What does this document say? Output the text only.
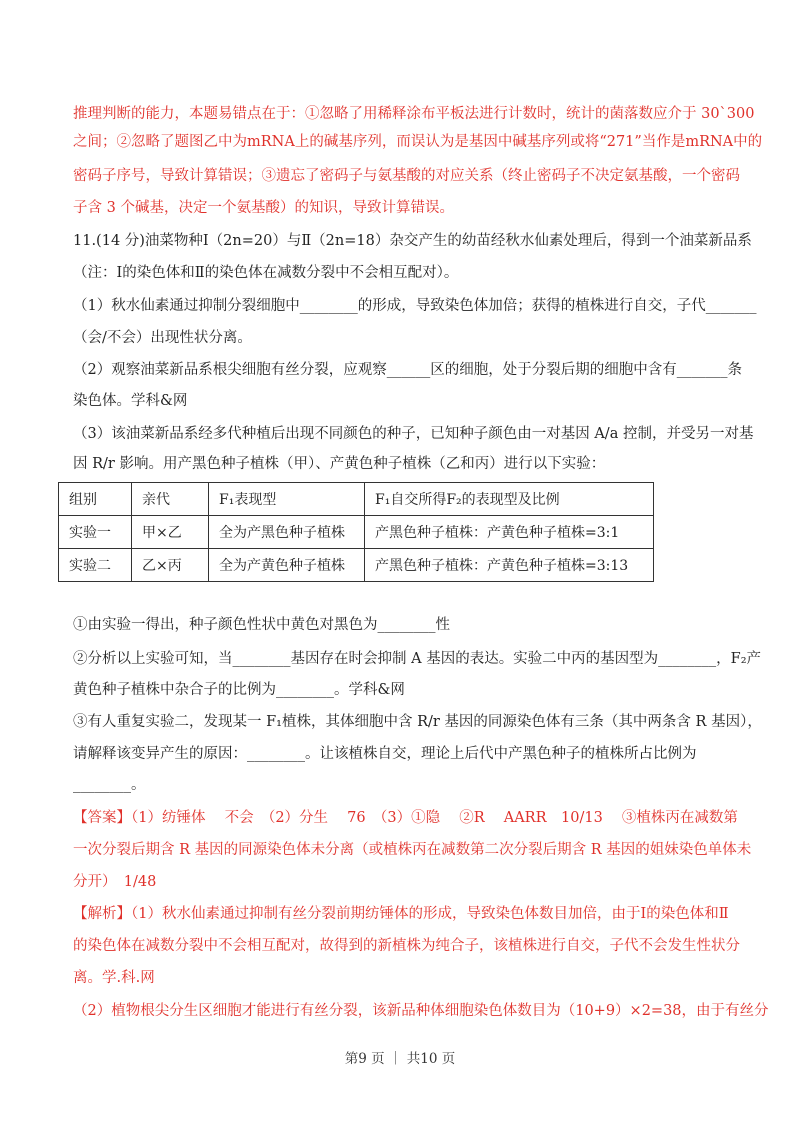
推理判断的能力，本题易错点在于：①忽略了用稀释涂布平板法进行计数时，统计的菌落数应介于 30`300
之间；②忽略了题图乙中为mRNA上的碱基序列，而误认为是基因中碱基序列或将“271”当作是mRNA中的
密码子序号，导致计算错误；③遗忘了密码子与氨基酸的对应关系（终止密码子不决定氨基酸，一个密码
子含 3 个碱基，决定一个氨基酸）的知识，导致计算错误。
11.(14 分)油菜物种Ⅰ（2n=20）与Ⅱ（2n=18）杂交产生的幼苗经秋水仙素处理后，得到一个油菜新品系
（注：Ⅰ的染色体和Ⅱ的染色体在减数分裂中不会相互配对）。
（1）秋水仙素通过抑制分裂细胞中________的形成，导致染色体加倍；获得的植株进行自交，子代_______
（会/不会）出现性状分离。
（2）观察油菜新品系根尖细胞有丝分裂，应观察______区的细胞，处于分裂后期的细胞中含有_______条
染色体。学科&网
（3）该油菜新品系经多代种植后出现不同颜色的种子，已知种子颜色由一对基因 A/a 控制，并受另一对基
因 R/r 影响。用产黑色种子植株（甲）、产黄色种子植株（乙和丙）进行以下实验：
组别	亲代	F₁表现型	F₁自交所得F₂的表现型及比例
实验一	甲×乙	全为产黑色种子植株	产黑色种子植株：产黄色种子植株=3:1
实验二	乙×丙	全为产黄色种子植株	产黑色种子植株：产黄色种子植株=3:13
①由实验一得出，种子颜色性状中黄色对黑色为________性
②分析以上实验可知，当________基因存在时会抑制 A 基因的表达。实验二中丙的基因型为________，F₂产
黄色种子植株中杂合子的比例为________。学科&网
③有人重复实验二，发现某一 F₁植株，其体细胞中含 R/r 基因的同源染色体有三条（其中两条含 R 基因），
请解释该变异产生的原因：________。让该植株自交，理论上后代中产黑色种子的植株所占比例为
________。
【答案】（1）纺锤体　 不会　（2）分生　 76　（3）①隐　 ②R　 AARR　10/13　 ③植株丙在减数第
一次分裂后期含 R 基因的同源染色体未分离（或植株丙在减数第二次分裂后期含 R 基因的姐妹染色单体未
分开）　1/48
【解析】（1）秋水仙素通过抑制有丝分裂前期纺锤体的形成，导致染色体数目加倍，由于Ⅰ的染色体和Ⅱ
的染色体在减数分裂中不会相互配对，故得到的新植株为纯合子，该植株进行自交，子代不会发生性状分
离。学.科.网
（2）植物根尖分生区细胞才能进行有丝分裂，该新品种体细胞染色体数目为（10+9）×2=38，由于有丝分
第9 页 ｜ 共10 页
